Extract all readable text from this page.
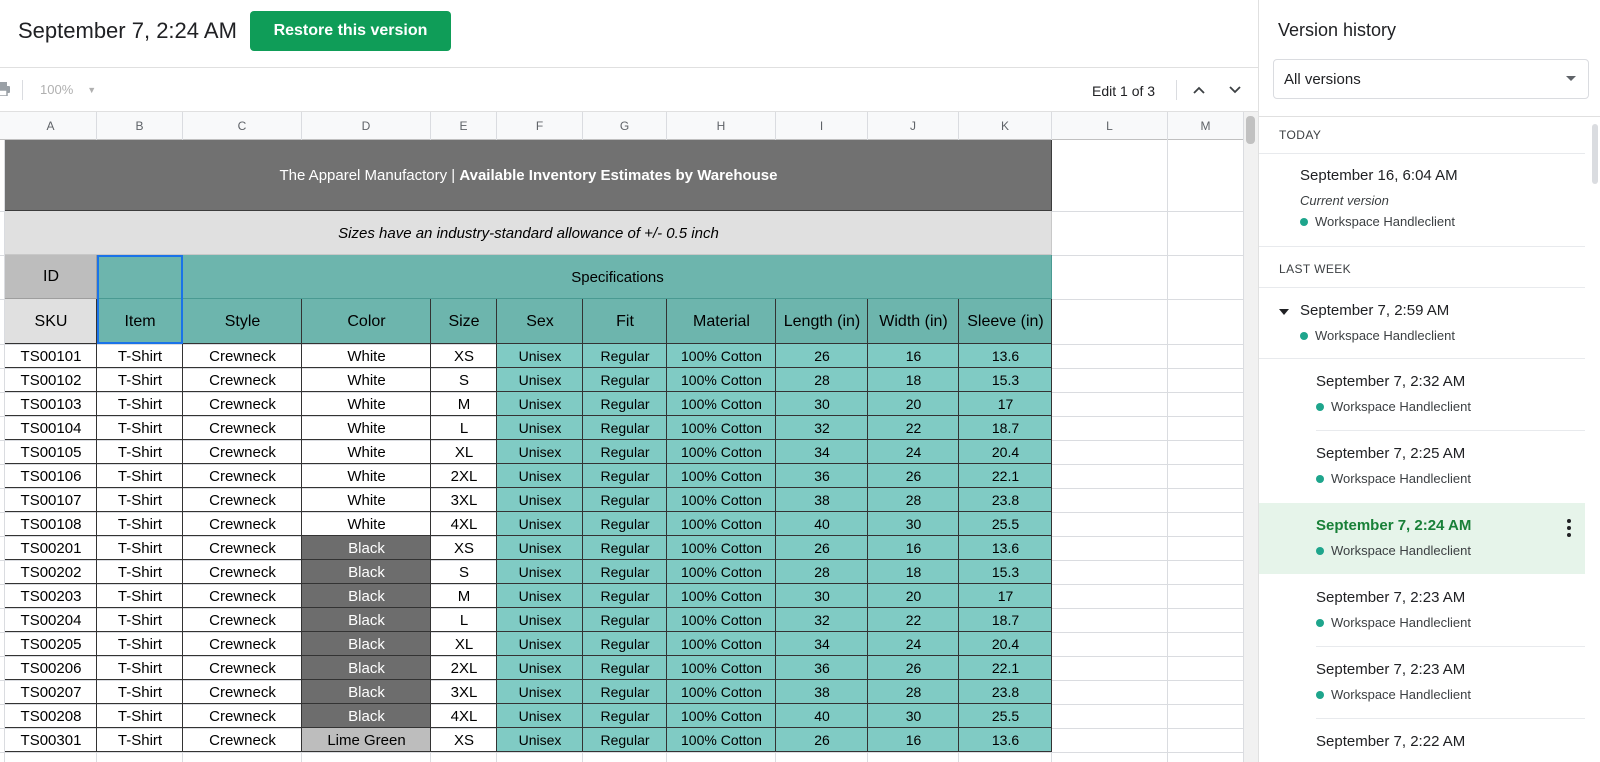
September 7, 2:24 AM	Restore this version
100% ▼	Edit 1 of 3
A	B	C	D	E	F	G	H	I	J	K	L	M
The Apparel Manufactory | Available Inventory Estimates by Warehouse
Sizes have an industry-standard allowance of +/- 0.5 inch
ID	Specifications
SKU	Item	Style	Color	Size	Sex	Fit	Material	Length (in)	Width (in)	Sleeve (in)
TS00101	T-Shirt	Crewneck	White	XS	Unisex	Regular	100% Cotton	26	16	13.6
TS00102	T-Shirt	Crewneck	White	S	Unisex	Regular	100% Cotton	28	18	15.3
TS00103	T-Shirt	Crewneck	White	M	Unisex	Regular	100% Cotton	30	20	17
TS00104	T-Shirt	Crewneck	White	L	Unisex	Regular	100% Cotton	32	22	18.7
TS00105	T-Shirt	Crewneck	White	XL	Unisex	Regular	100% Cotton	34	24	20.4
TS00106	T-Shirt	Crewneck	White	2XL	Unisex	Regular	100% Cotton	36	26	22.1
TS00107	T-Shirt	Crewneck	White	3XL	Unisex	Regular	100% Cotton	38	28	23.8
TS00108	T-Shirt	Crewneck	White	4XL	Unisex	Regular	100% Cotton	40	30	25.5
TS00201	T-Shirt	Crewneck	Black	XS	Unisex	Regular	100% Cotton	26	16	13.6
TS00202	T-Shirt	Crewneck	Black	S	Unisex	Regular	100% Cotton	28	18	15.3
TS00203	T-Shirt	Crewneck	Black	M	Unisex	Regular	100% Cotton	30	20	17
TS00204	T-Shirt	Crewneck	Black	L	Unisex	Regular	100% Cotton	32	22	18.7
TS00205	T-Shirt	Crewneck	Black	XL	Unisex	Regular	100% Cotton	34	24	20.4
TS00206	T-Shirt	Crewneck	Black	2XL	Unisex	Regular	100% Cotton	36	26	22.1
TS00207	T-Shirt	Crewneck	Black	3XL	Unisex	Regular	100% Cotton	38	28	23.8
TS00208	T-Shirt	Crewneck	Black	4XL	Unisex	Regular	100% Cotton	40	30	25.5
TS00301	T-Shirt	Crewneck	Lime Green	XS	Unisex	Regular	100% Cotton	26	16	13.6
Version history
All versions
TODAY
September 16, 6:04 AM
Current version
Workspace Handleclient
LAST WEEK
September 7, 2:59 AM
Workspace Handleclient
September 7, 2:32 AM
Workspace Handleclient
September 7, 2:25 AM
Workspace Handleclient
September 7, 2:24 AM
Workspace Handleclient
September 7, 2:23 AM
Workspace Handleclient
September 7, 2:23 AM
Workspace Handleclient
September 7, 2:22 AM
